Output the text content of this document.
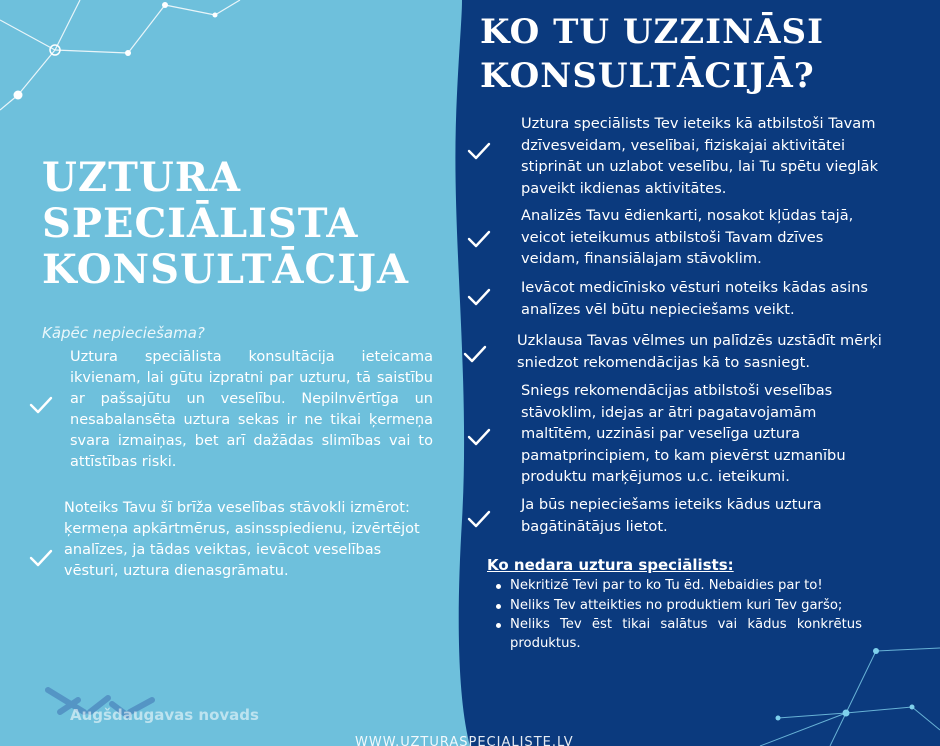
UZTURA
SPECIĀLISTA
KONSULTĀCIJA
Kāpēc nepieciešama?
Uztura speciālista konsultācija ieteicama ikvienam, lai gūtu izpratni par uzturu, tā saistību ar pašsajūtu un veselību. Nepilnvērtīga un nesabalansēta uztura sekas ir ne tikai ķermeņa svara izmaiņas, bet arī dažādas slimības vai to attīstības riski.
Noteiks Tavu šī brīža veselības stāvokli izmērot: ķermeņa apkārtmērus, asinsspiedienu, izvērtējot analīzes, ja tādas veiktas, ievācot veselības vēsturi, uztura dienasgrāmatu.
Augšdaugavas novads
KO TU UZZINĀSI
KONSULTĀCIJĀ?
Uztura speciālists Tev ieteiks kā atbilstoši Tavam dzīvesveidam, veselībai, fiziskajai aktivitātei stiprināt un uzlabot veselību, lai Tu spētu vieglāk paveikt ikdienas aktivitātes.
Analizēs Tavu ēdienkarti, nosakot kļūdas tajā, veicot ieteikumus atbilstoši Tavam dzīves veidam, finansiālajam stāvoklim.
Ievācot medicīnisko vēsturi noteiks kādas asins analīzes vēl būtu nepieciešams veikt.
Uzklausa Tavas vēlmes un palīdzēs uzstādīt mērķi sniedzot rekomendācijas kā to sasniegt.
Sniegs rekomendācijas atbilstoši veselības stāvoklim, idejas ar ātri pagatavojamām maltītēm, uzzināsi par veselīga uztura pamatprincipiem, to kam pievērst uzmanību produktu marķējumos u.c. ieteikumi.
Ja būs nepieciešams ieteiks kādus uztura bagātinātājus lietot.
Ko nedara uztura speciālists:
Nekritizē Tevi par to ko Tu ēd. Nebaidies par to!
Neliks Tev atteikties no produktiem kuri Tev garšo;
Neliks Tev ēst tikai salātus vai kādus konkrētus produktus.
WWW.UZTURASPECIALISTE.LV
